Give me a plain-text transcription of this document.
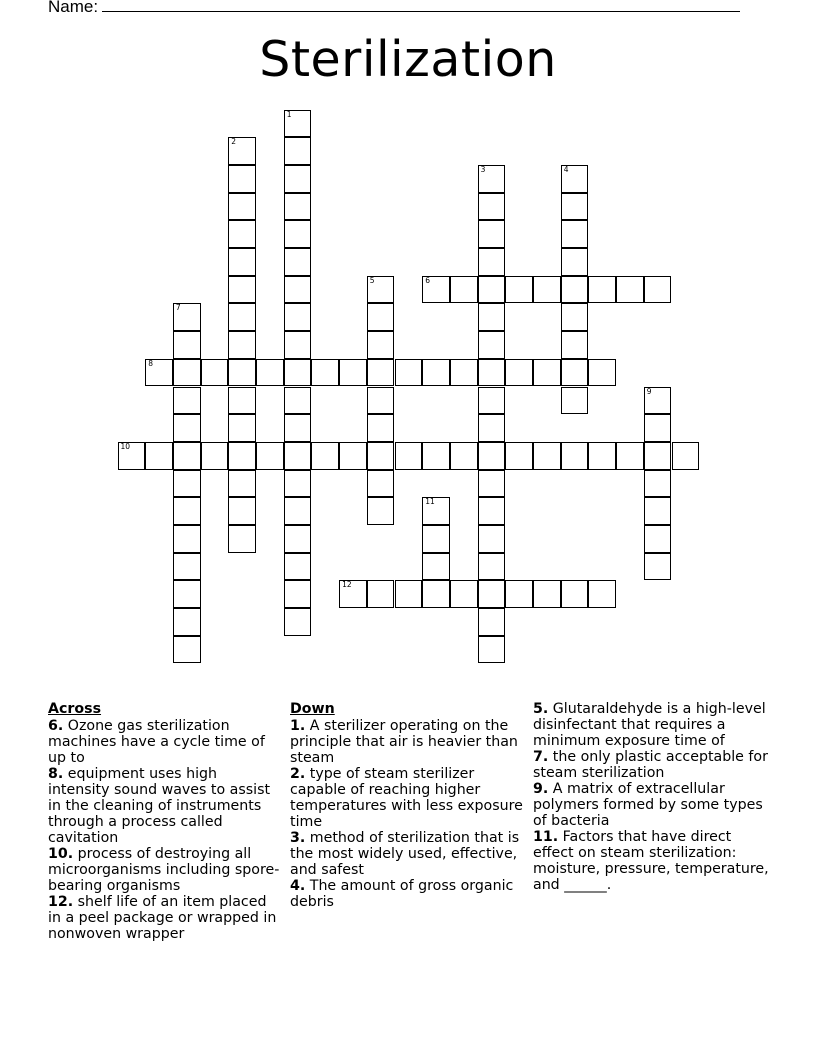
Name:
Sterilization
1
2
3	4
5	6
7
8
9
10
11
12
Across

6. Ozone gas sterilization machines have a cycle time of up to

8. equipment uses high intensity sound waves to assist in the cleaning of instruments through a process called cavitation

10. process of destroying all microorganisms including spore-bearing organisms

12. shelf life of an item placed in a peel package or wrapped in nonwoven wrapper

Down

1. A sterilizer operating on the principle that air is heavier than steam

2. type of steam sterilizer capable of reaching higher temperatures with less exposure time

3. method of sterilization that is the most widely used, effective, and safest

4. The amount of gross organic debris

5. Glutaraldehyde is a high-level disinfectant that requires a minimum exposure time of

7. the only plastic acceptable for steam sterilization

9. A matrix of extracellular polymers formed by some types of bacteria

11. Factors that have direct effect on steam sterilization: moisture, pressure, temperature, and ______.
